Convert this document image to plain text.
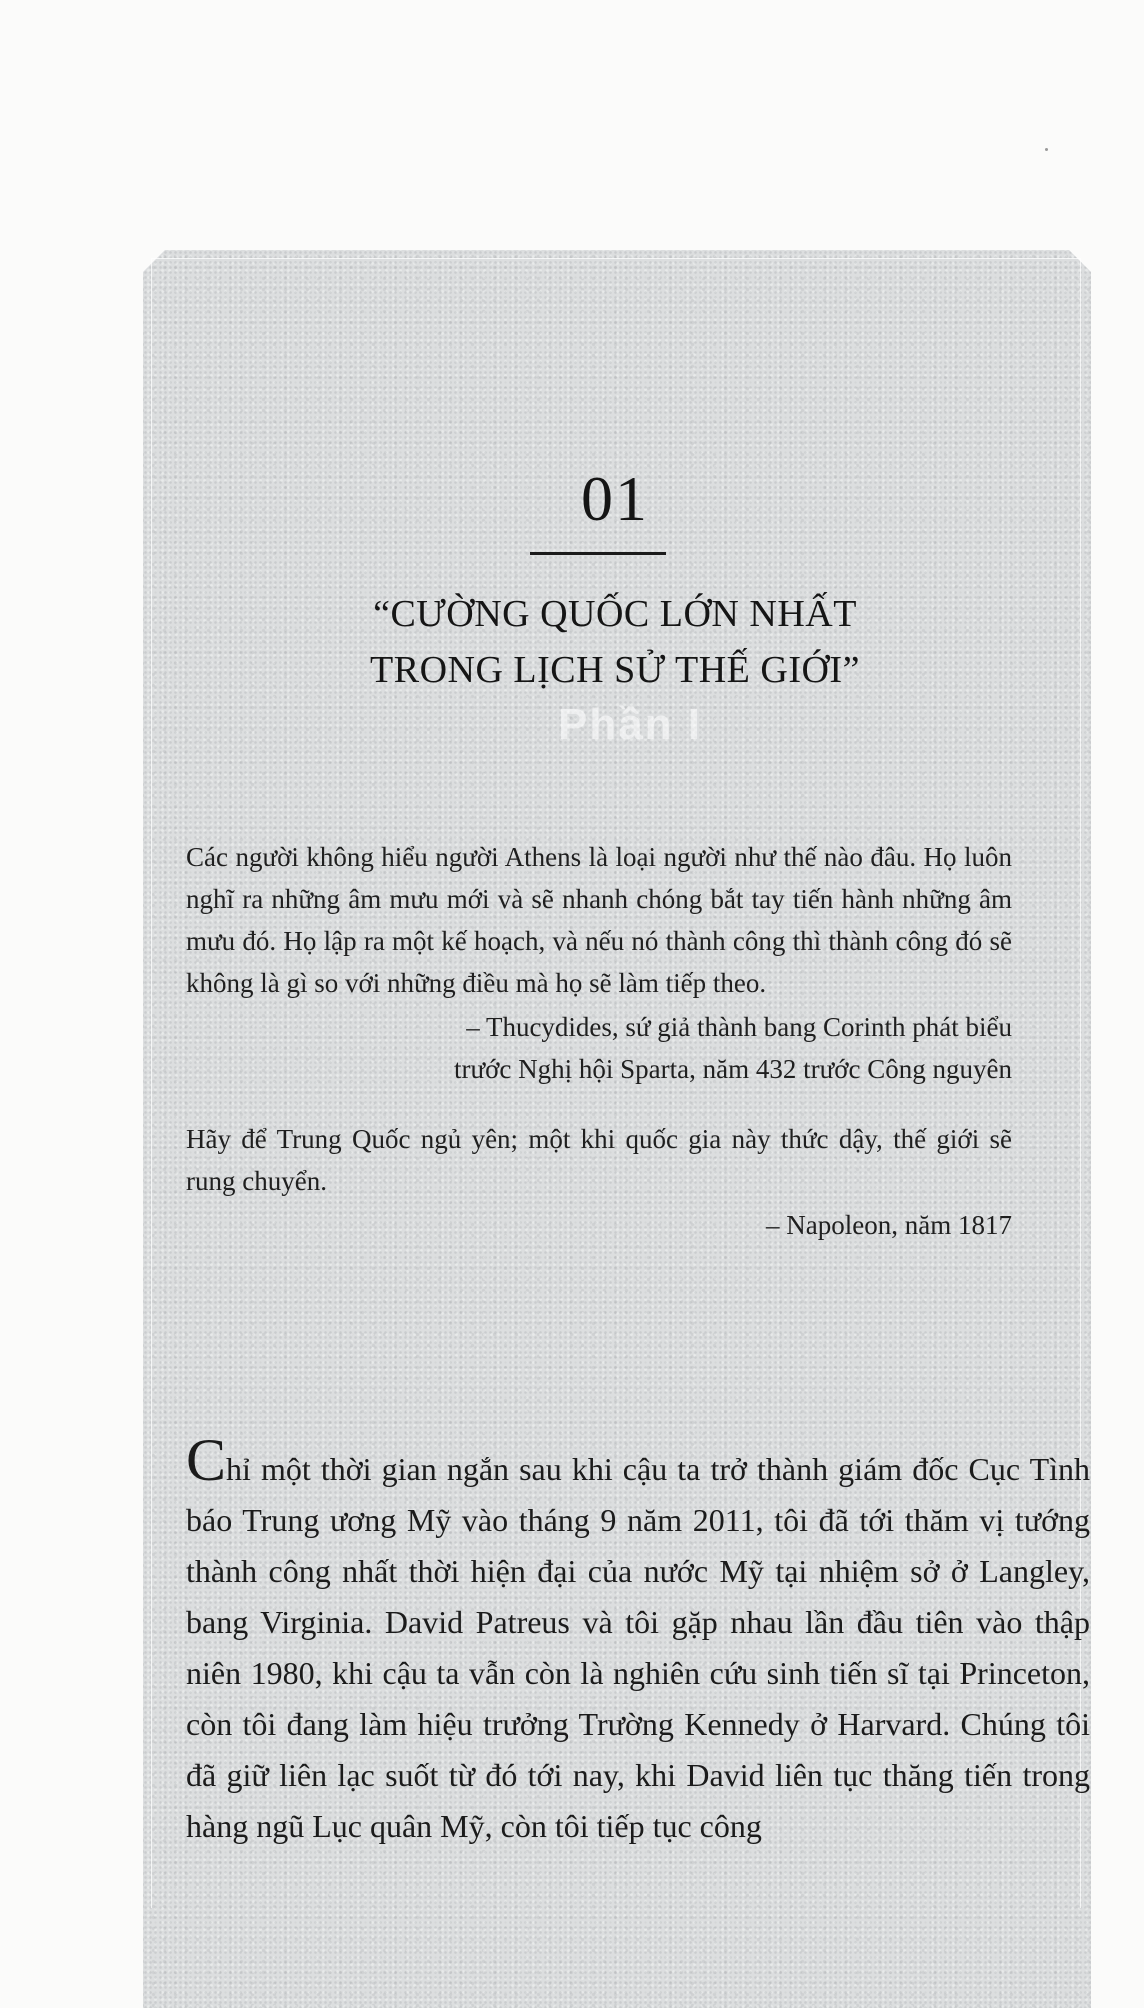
Phần I
01
“CƯỜNG QUỐC LỚN NHẤT
TRONG LỊCH SỬ THẾ GIỚI”

Các người không hiểu người Athens là loại người như thế nào đâu. Họ luôn nghĩ ra những âm mưu mới và sẽ nhanh chóng bắt tay tiến hành những âm mưu đó. Họ lập ra một kế hoạch, và nếu nó thành công thì thành công đó sẽ không là gì so với những điều mà họ sẽ làm tiếp theo.

– Thucydides, sứ giả thành bang Corinth phát biểu
trước Nghị hội Sparta, năm 432 trước Công nguyên

Hãy để Trung Quốc ngủ yên; một khi quốc gia này thức dậy, thế giới sẽ rung chuyển.

– Napoleon, năm 1817

Chỉ một thời gian ngắn sau khi cậu ta trở thành giám đốc Cục Tình báo Trung ương Mỹ vào tháng 9 năm 2011, tôi đã tới thăm vị tướng thành công nhất thời hiện đại của nước Mỹ tại nhiệm sở ở Langley, bang Virginia. David Patreus và tôi gặp nhau lần đầu tiên vào thập niên 1980, khi cậu ta vẫn còn là nghiên cứu sinh tiến sĩ tại Princeton, còn tôi đang làm hiệu trưởng Trường Kennedy ở Harvard. Chúng tôi đã giữ liên lạc suốt từ đó tới nay, khi David liên tục thăng tiến trong hàng ngũ Lục quân Mỹ, còn tôi tiếp tục công
